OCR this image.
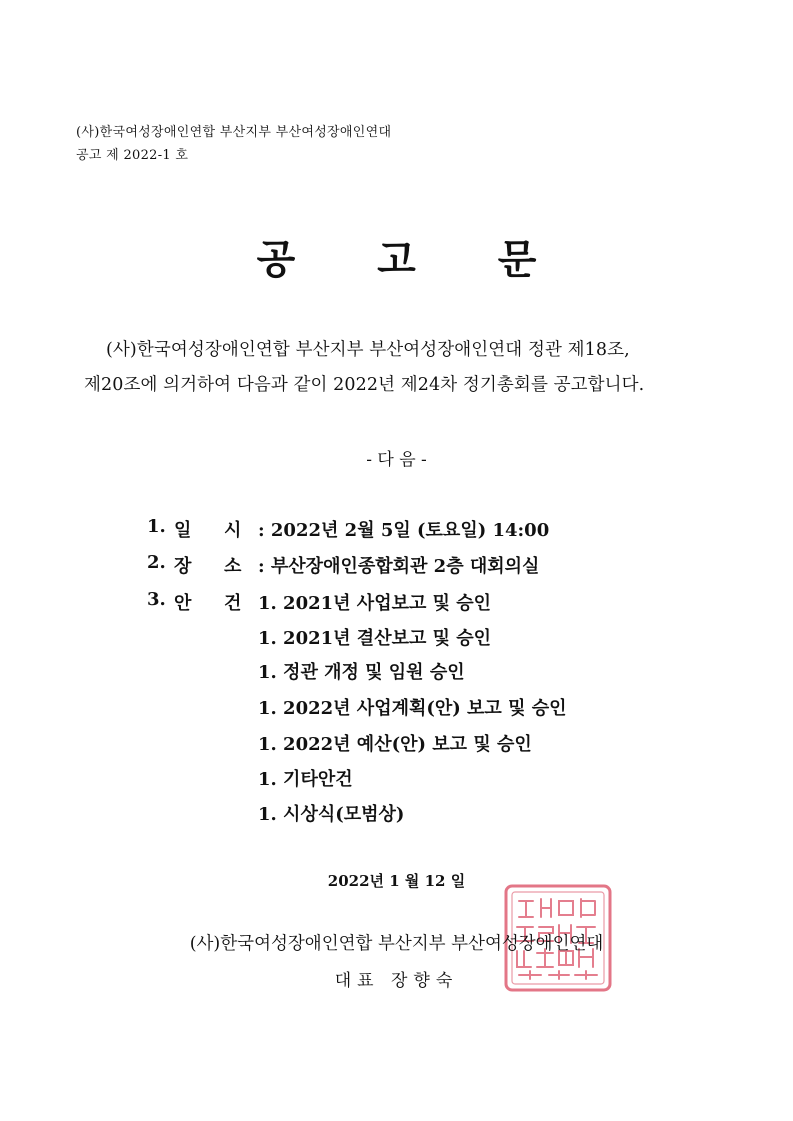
(사)한국여성장애인연합 부산지부 부산여성장애인연대
공고 제 2022-1 호
공 고 문
(사)한국여성장애인연합 부산지부 부산여성장애인연대 정관 제18조,
제20조에 의거하여 다음과 같이 2022년 제24차 정기총회를 공고합니다.
- 다 음 -
1. 일 시 : 2022년 2월 5일 (토요일) 14:00
2. 장 소 : 부산장애인종합회관 2층 대회의실
3. 안 건 1. 2021년 사업보고 및 승인
1. 2021년 결산보고 및 승인
1. 정관 개정 및 임원 승인
1. 2022년 사업계획(안) 보고 및 승인
1. 2022년 예산(안) 보고 및 승인
1. 기타안건
1. 시상식(모범상)
2022년 1 월 12 일
(사)한국여성장애인연합 부산지부 부산여성장애인연대
대표 장향숙
